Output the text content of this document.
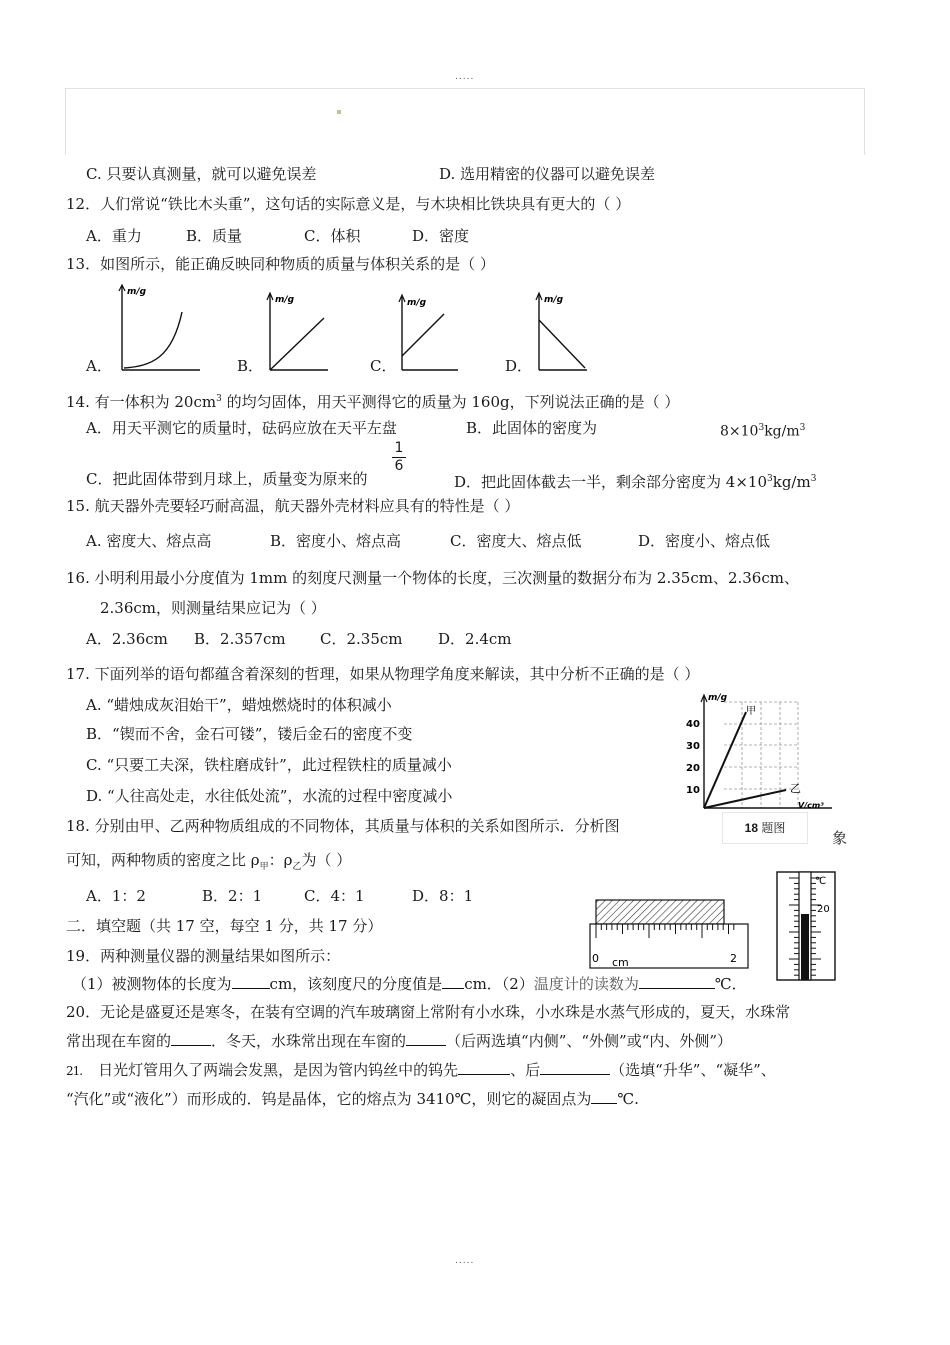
.....
C. 只要认真测量，就可以避免误差	D. 选用精密的仪器可以避免误差
12．人们常说“铁比木头重”，这句话的实际意义是，与木块相比铁块具有更大的（ ）
A．重力	B．质量	C．体积	D．密度
13．如图所示，能正确反映同种物质的质量与体积关系的是（ ）
A．
m/g
B．
m/g
C．
m/g
D．
m/g
14. 有一体积为 $20cm^3$ 的均匀固体，用天平测得它的质量为 160g，下列说法正确的是（ ）
A．用天平测它的质量时，砝码应放在天平左盘	B．此固体的密度为	$8\times 10^3kg/m^3$
C．把此固体带到月球上，质量变为原来的
1
6
D．把此固体截去一半，剩余部分密度为 $4\times 10^3kg/m^3$
15. 航天器外壳要轻巧耐高温，航天器外壳材料应具有的特性是（ ）
A. 密度大、熔点高	B．密度小、熔点高	C．密度大、熔点低	D．密度小、熔点低
16. 小明利用最小分度值为 1mm 的刻度尺测量一个物体的长度，三次测量的数据分布为 2.35cm、2.36cm、
2.36cm，则测量结果应记为（ ）
A．2.36cm B．2.357cm C．2.35cm D．2.4cm
17. 下面列举的语句都蕴含着深刻的哲理，如果从物理学角度来解读，其中分析不正确的是（ ）
A. “蜡烛成灰泪始干”，蜡烛燃烧时的体积减小
B．“锲而不舍，金石可镂”，镂后金石的密度不变
C. “只要工夫深，铁柱磨成针”，此过程铁柱的质量减小
D. “人往高处走，水往低处流”，水流的过程中密度减小
m/g
40
30
20
10
甲
乙
V/cm³
18 题图
18. 分别由甲、乙两种物质组成的不同物体，其质量与体积的关系如图所示．分析图
象
可知，两种物质的密度之比 $\rho_甲$：$\rho_乙$为（ ）
A．1：2	B．2：1	C．4：1	D．8：1
二．填空题（共 17 空，每空 1 分，共 17 分）
0 cm	2
℃
20
19．两种测量仪器的测量结果如图所示：
（1）被测物体的长度为	cm，该刻度尺的分度值是 cm．（2）温度计的读数为	℃．
20．无论是盛夏还是寒冬，在装有空调的汽车玻璃窗上常附有小水珠，小水珠是水蒸气形成的，夏天，水珠常
常出现在车窗的	．冬天，水珠常出现在车窗的	（后两选填“内侧”、“外侧”或“内、外侧”）
21. 日光灯管用久了两端会发黑，是因为管内钨丝中的钨先	、后	（选填“升华”、“凝华”、
“汽化”或“液化”）而形成的．钨是晶体，它的熔点为 3410℃，则它的凝固点为 ℃.
.....
